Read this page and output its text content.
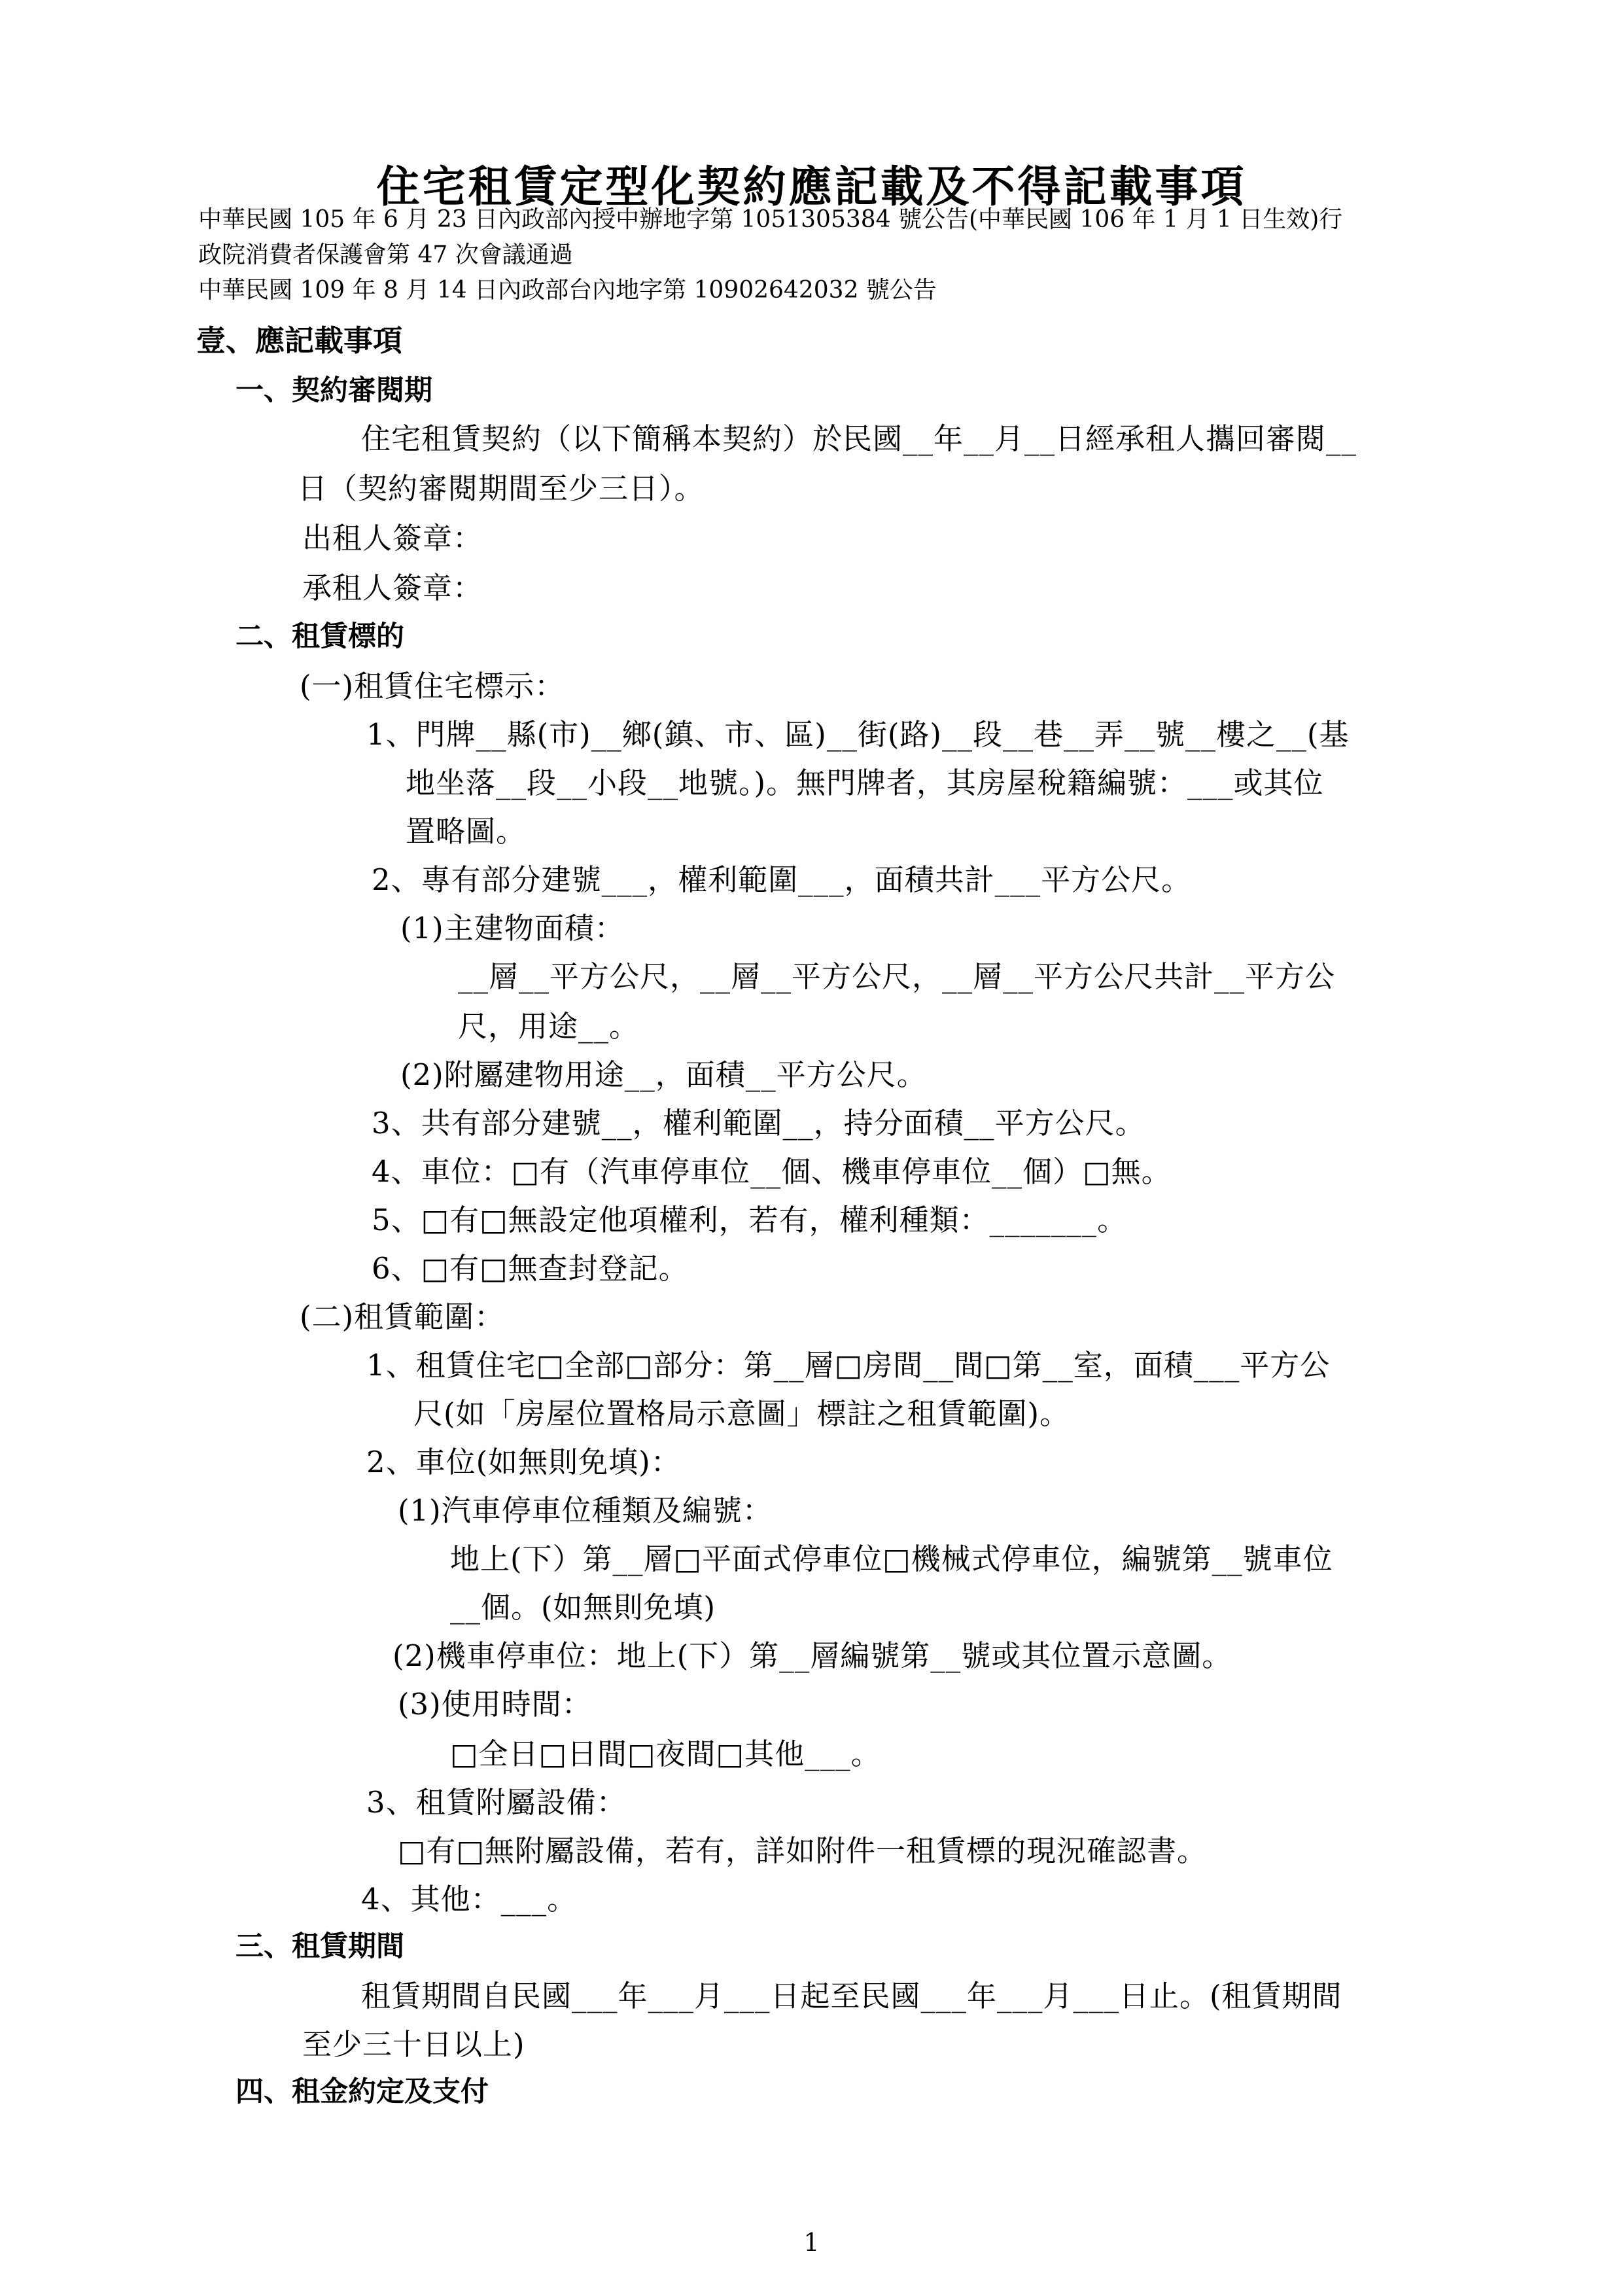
住宅租賃定型化契約應記載及不得記載事項
中華民國 105 年 6 月 23 日內政部內授中辦地字第 1051305384 號公告(中華民國 106 年 1 月 1 日生效)行
政院消費者保護會第 47 次會議通過
中華民國 109 年 8 月 14 日內政部台內地字第 10902642032 號公告
壹、應記載事項
一、契約審閱期
住宅租賃契約（以下簡稱本契約）於民國__年__月__日經承租人攜回審閱__
日（契約審閱期間至少三日）。
出租人簽章：
承租人簽章：
二、租賃標的
(一)租賃住宅標示：
1、門牌__縣(市)__鄉(鎮、市、區)__街(路)__段__巷__弄__號__樓之__(基
地坐落__段__小段__地號。)。無門牌者，其房屋稅籍編號：___或其位
置略圖。
2、專有部分建號___，權利範圍___，面積共計___平方公尺。
(1)主建物面積：
__層__平方公尺，__層__平方公尺，__層__平方公尺共計__平方公
尺，用途__。
(2)附屬建物用途__，面積__平方公尺。
3、共有部分建號__，權利範圍__，持分面積__平方公尺。
4、車位：□有（汽車停車位__個、機車停車位__個）□無。
5、□有□無設定他項權利，若有，權利種類：_______。
6、□有□無查封登記。
(二)租賃範圍：
1、租賃住宅□全部□部分：第__層□房間__間□第__室，面積___平方公
尺(如「房屋位置格局示意圖」標註之租賃範圍)。
2、車位(如無則免填)：
(1)汽車停車位種類及編號：
地上(下）第__層□平面式停車位□機械式停車位，編號第__號車位
__個。(如無則免填)
(2)機車停車位：地上(下）第__層編號第__號或其位置示意圖。
(3)使用時間：
□全日□日間□夜間□其他___。
3、租賃附屬設備：
□有□無附屬設備，若有，詳如附件一租賃標的現況確認書。
4、其他：___。
三、租賃期間
租賃期間自民國___年___月___日起至民國___年___月___日止。(租賃期間
至少三十日以上)
四、租金約定及支付
1
